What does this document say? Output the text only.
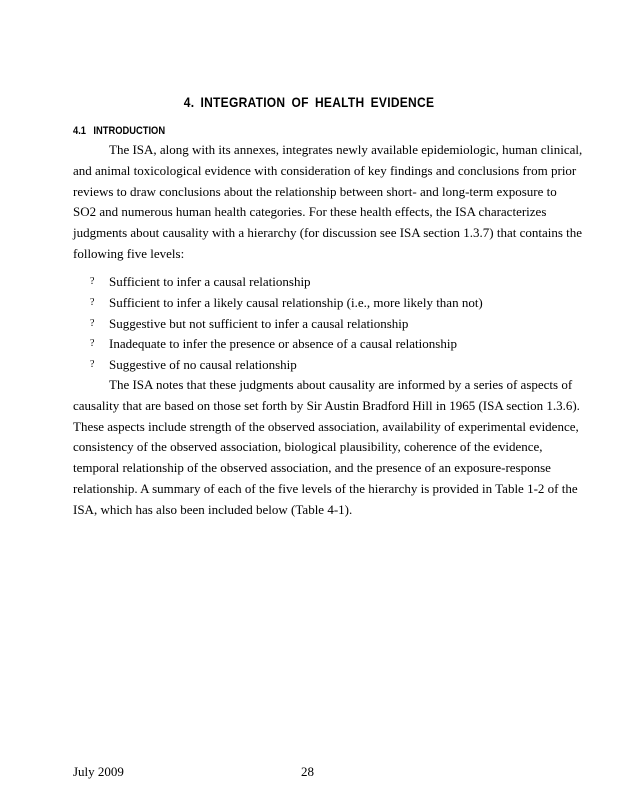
4. INTEGRATION OF HEALTH EVIDENCE
4.1 INTRODUCTION

The ISA, along with its annexes, integrates newly available epidemiologic, human clinical, and animal toxicological evidence with consideration of key findings and conclusions from prior reviews to draw conclusions about the relationship between short- and long-term exposure to SO2 and numerous human health categories. For these health effects, the ISA characterizes judgments about causality with a hierarchy (for discussion see ISA section 1.3.7) that contains the following five levels:

? Sufficient to infer a causal relationship
? Sufficient to infer a likely causal relationship (i.e., more likely than not)
? Suggestive but not sufficient to infer a causal relationship
? Inadequate to infer the presence or absence of a causal relationship
? Suggestive of no causal relationship

The ISA notes that these judgments about causality are informed by a series of aspects of causality that are based on those set forth by Sir Austin Bradford Hill in 1965 (ISA section 1.3.6). These aspects include strength of the observed association, availability of experimental evidence, consistency of the observed association, biological plausibility, coherence of the evidence, temporal relationship of the observed association, and the presence of an exposure-response relationship. A summary of each of the five levels of the hierarchy is provided in Table 1-2 of the ISA, which has also been included below (Table 4-1).

July 2009	28
